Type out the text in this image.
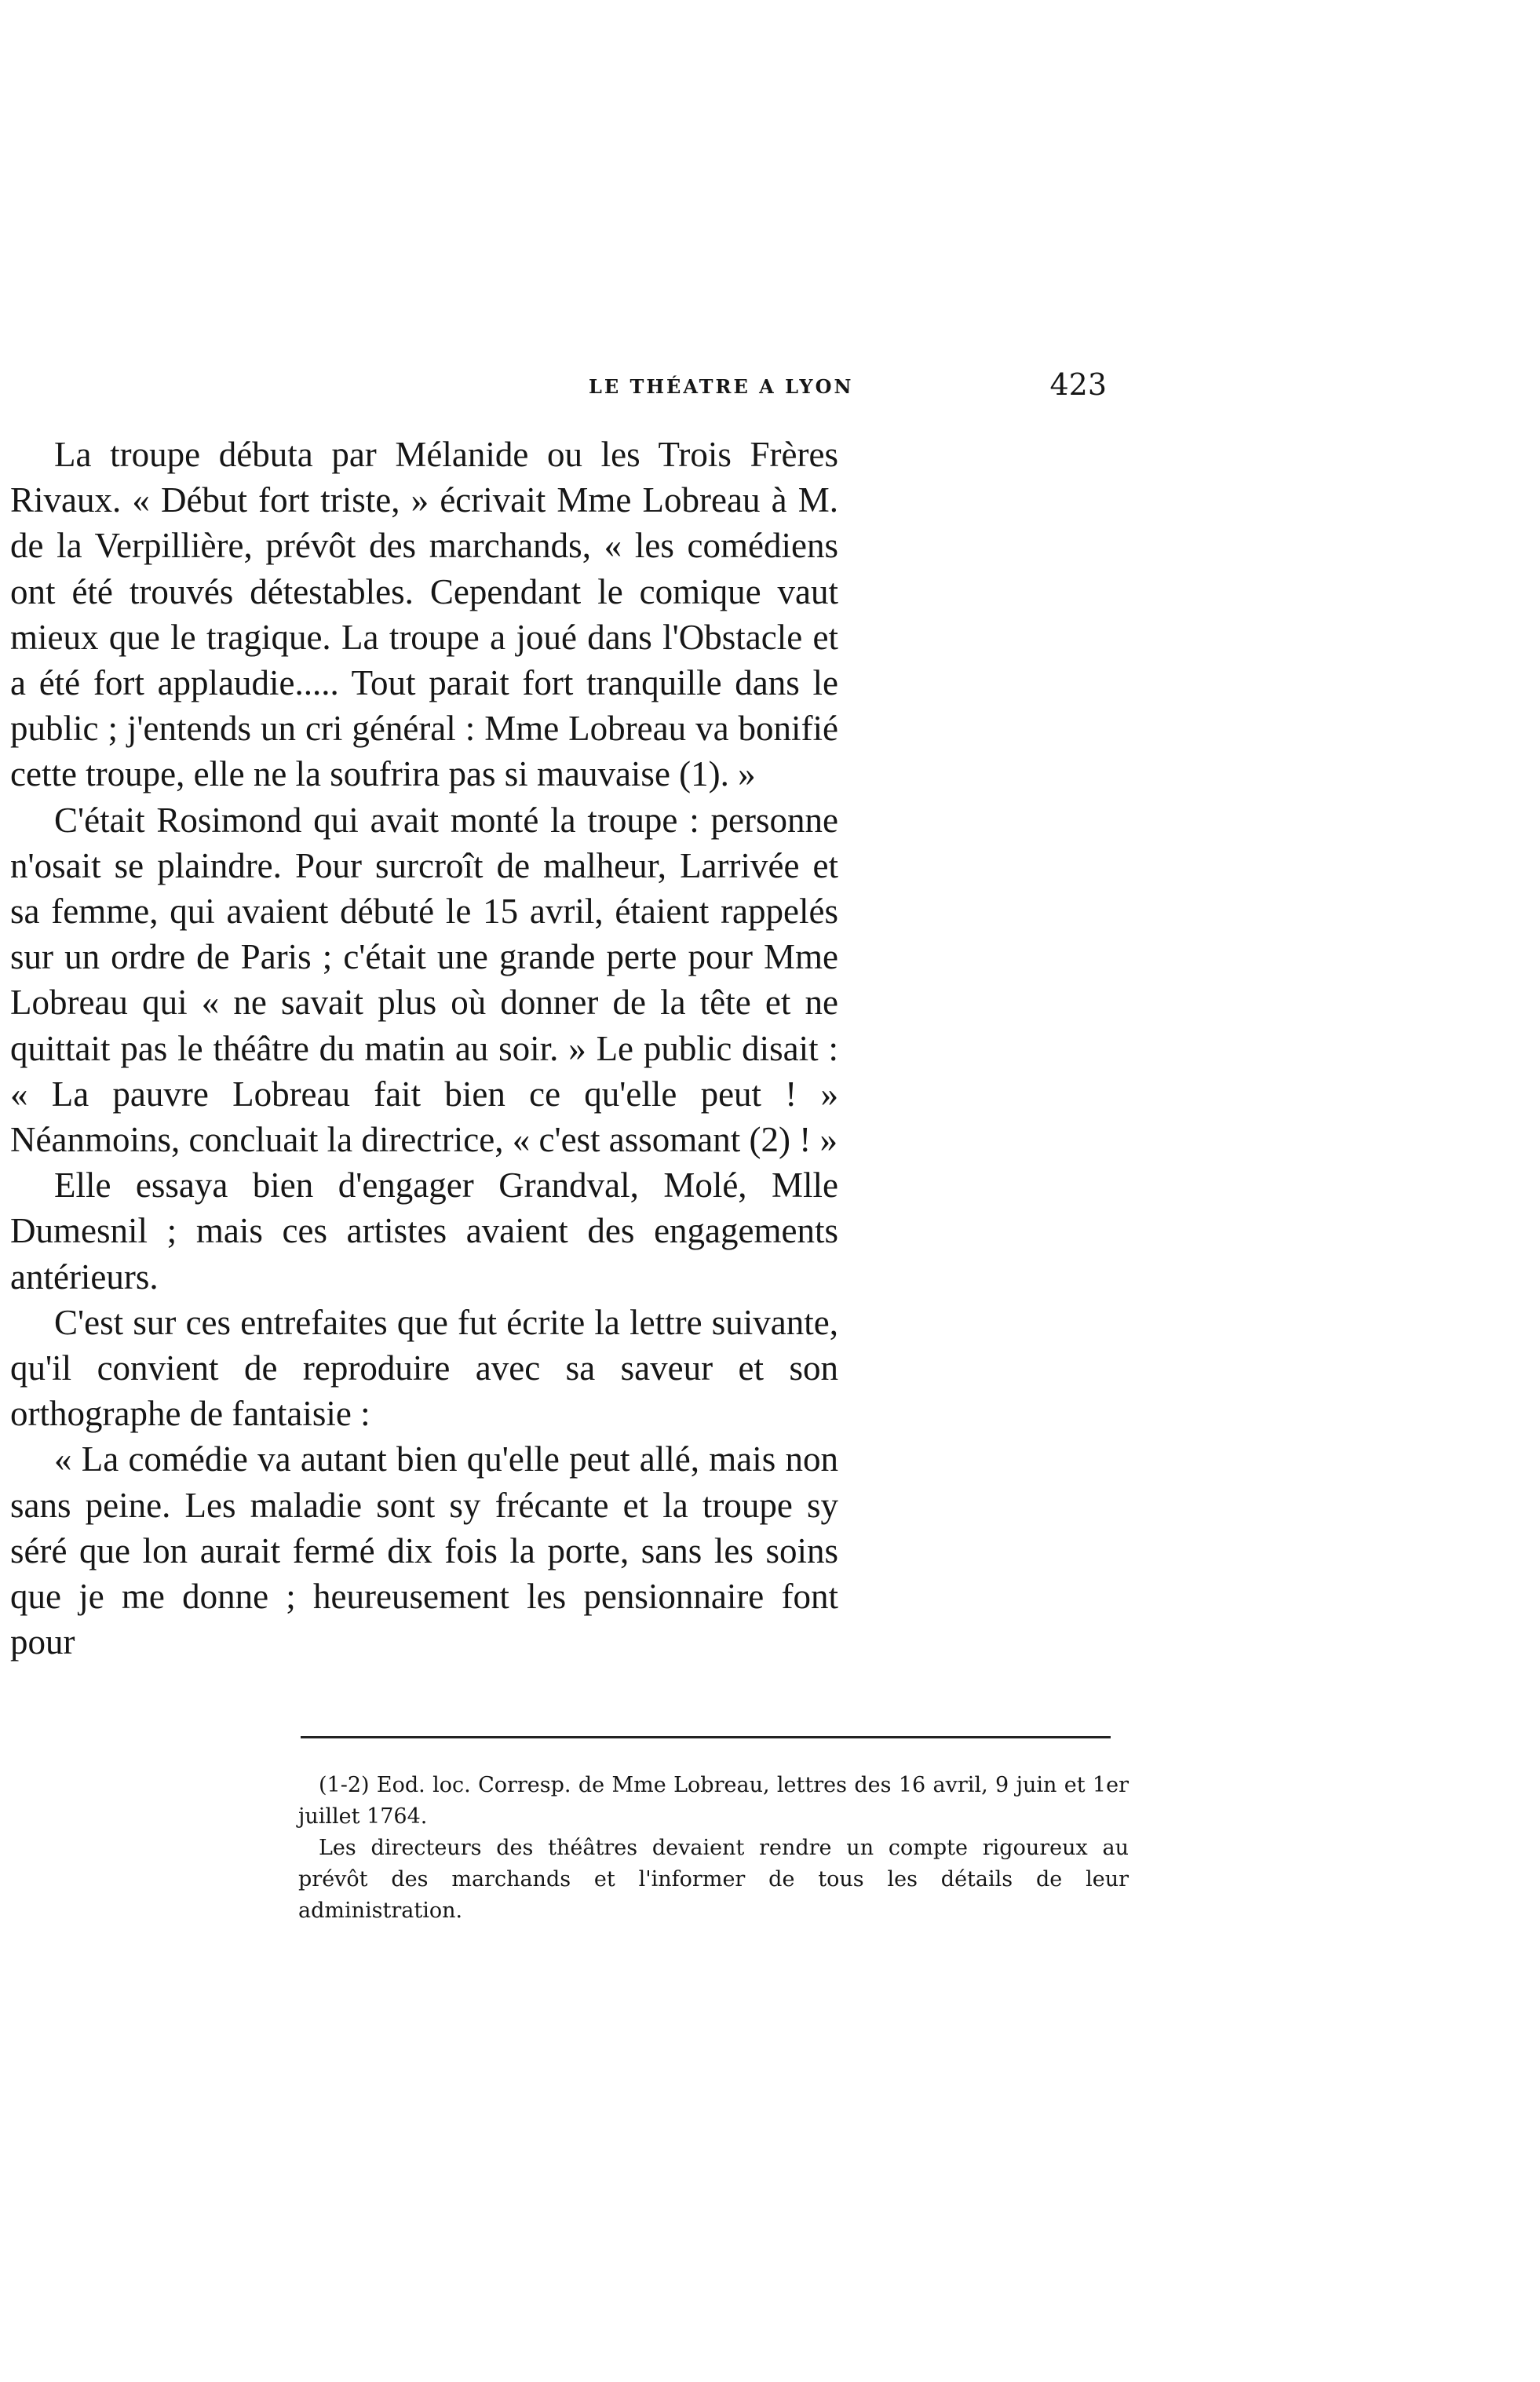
LE THÉATRE A LYON	423
La troupe débuta par Mélanide ou les Trois Frères Rivaux. « Début fort triste, » écrivait Mme Lobreau à M. de la Verpillière, prévôt des marchands, « les comédiens ont été trouvés détestables. Cependant le comique vaut mieux que le tragique. La troupe a joué dans l'Obstacle et a été fort applaudie..... Tout parait fort tranquille dans le public ; j'entends un cri général : Mme Lobreau va bonifié cette troupe, elle ne la soufrira pas si mauvaise (1). »
C'était Rosimond qui avait monté la troupe : personne n'osait se plaindre. Pour surcroît de malheur, Larrivée et sa femme, qui avaient débuté le 15 avril, étaient rappelés sur un ordre de Paris ; c'était une grande perte pour Mme Lobreau qui « ne savait plus où donner de la tête et ne quittait pas le théâtre du matin au soir. » Le public disait : « La pauvre Lobreau fait bien ce qu'elle peut ! » Néanmoins, concluait la directrice, « c'est assomant (2) ! »
Elle essaya bien d'engager Grandval, Molé, Mlle Dumesnil ; mais ces artistes avaient des engagements antérieurs.
C'est sur ces entrefaites que fut écrite la lettre suivante, qu'il convient de reproduire avec sa saveur et son orthographe de fantaisie :
« La comédie va autant bien qu'elle peut allé, mais non sans peine. Les maladie sont sy frécante et la troupe sy séré que lon aurait fermé dix fois la porte, sans les soins que je me donne ; heureusement les pensionnaire font pour
(1-2) Eod. loc. Corresp. de Mme Lobreau, lettres des 16 avril, 9 juin et 1er juillet 1764.
Les directeurs des théâtres devaient rendre un compte rigoureux au prévôt des marchands et l'informer de tous les détails de leur administration.
